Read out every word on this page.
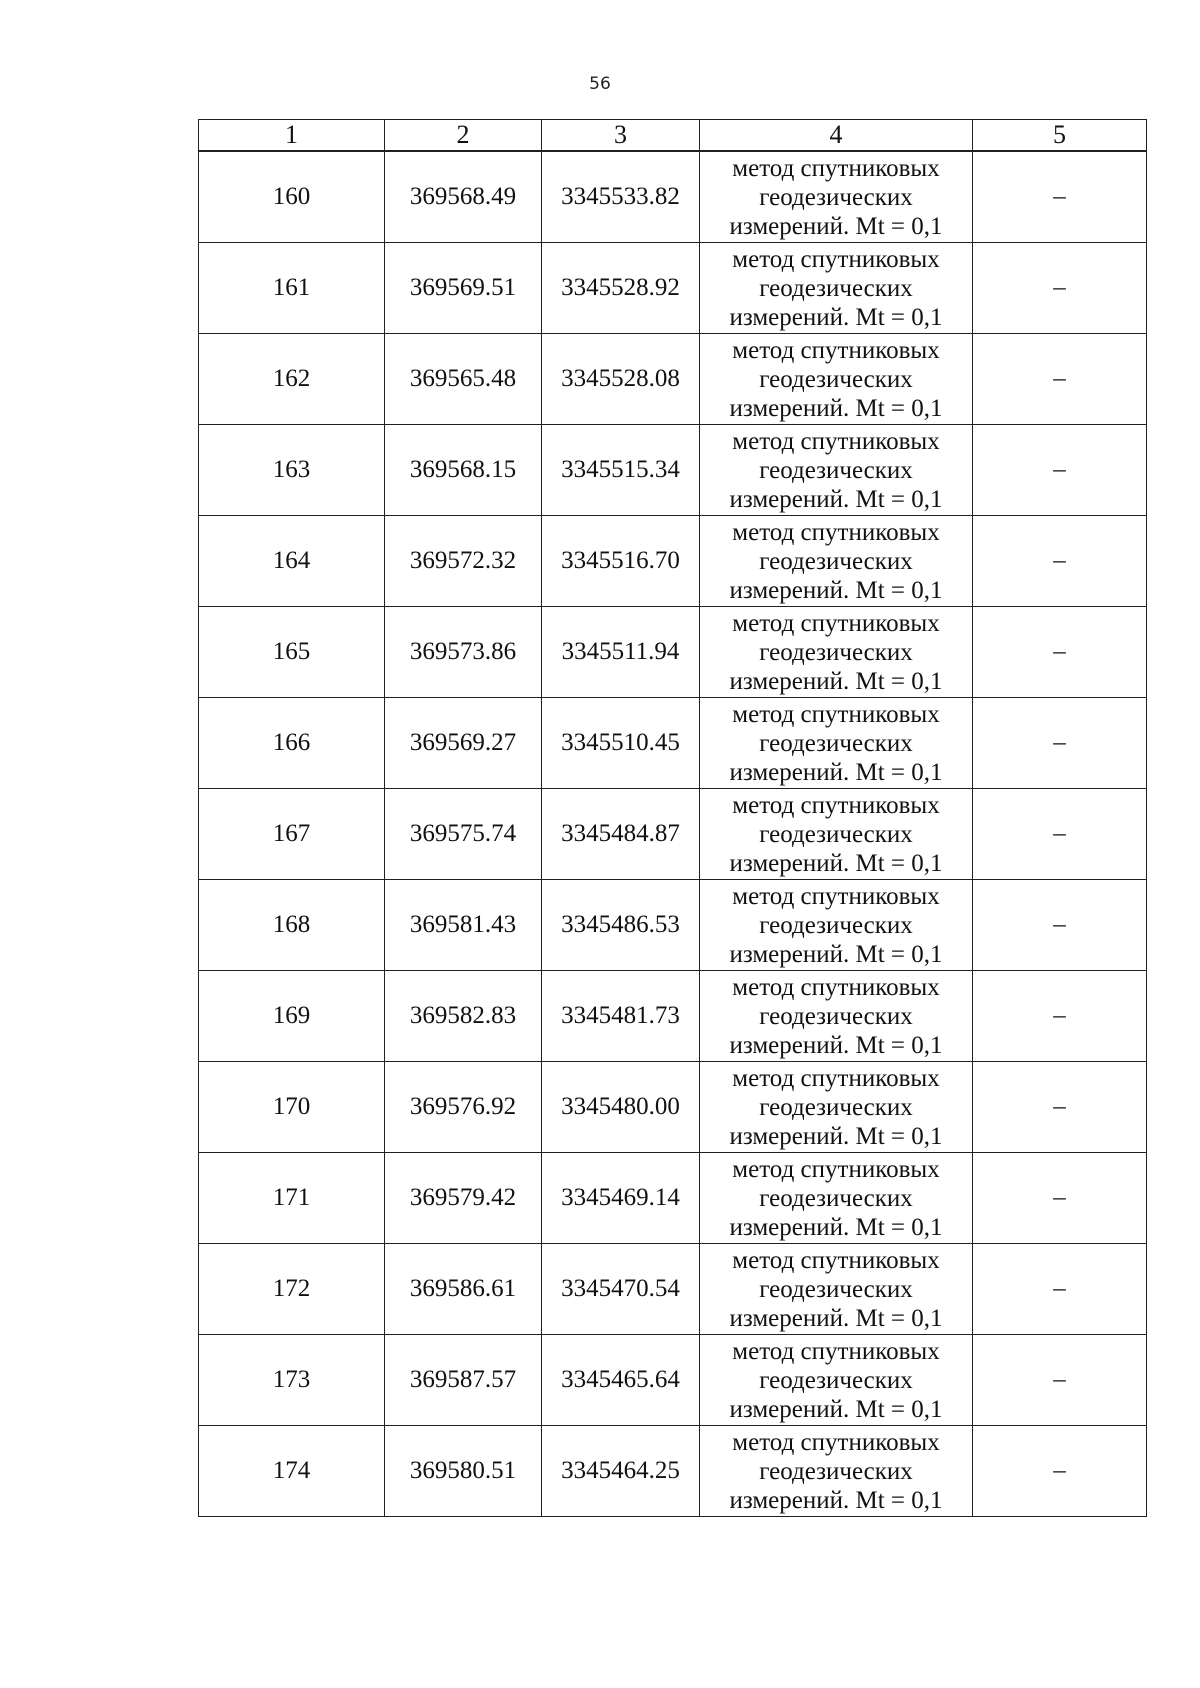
56
1	2	3	4	5
160	369568.49	3345533.82	метод спутниковых
геодезических
измерений. Mt = 0,1	–
161	369569.51	3345528.92	метод спутниковых
геодезических
измерений. Mt = 0,1	–
162	369565.48	3345528.08	метод спутниковых
геодезических
измерений. Mt = 0,1	–
163	369568.15	3345515.34	метод спутниковых
геодезических
измерений. Mt = 0,1	–
164	369572.32	3345516.70	метод спутниковых
геодезических
измерений. Mt = 0,1	–
165	369573.86	3345511.94	метод спутниковых
геодезических
измерений. Mt = 0,1	–
166	369569.27	3345510.45	метод спутниковых
геодезических
измерений. Mt = 0,1	–
167	369575.74	3345484.87	метод спутниковых
геодезических
измерений. Mt = 0,1	–
168	369581.43	3345486.53	метод спутниковых
геодезических
измерений. Mt = 0,1	–
169	369582.83	3345481.73	метод спутниковых
геодезических
измерений. Mt = 0,1	–
170	369576.92	3345480.00	метод спутниковых
геодезических
измерений. Mt = 0,1	–
171	369579.42	3345469.14	метод спутниковых
геодезических
измерений. Mt = 0,1	–
172	369586.61	3345470.54	метод спутниковых
геодезических
измерений. Mt = 0,1	–
173	369587.57	3345465.64	метод спутниковых
геодезических
измерений. Mt = 0,1	–
174	369580.51	3345464.25	метод спутниковых
геодезических
измерений. Mt = 0,1	–
